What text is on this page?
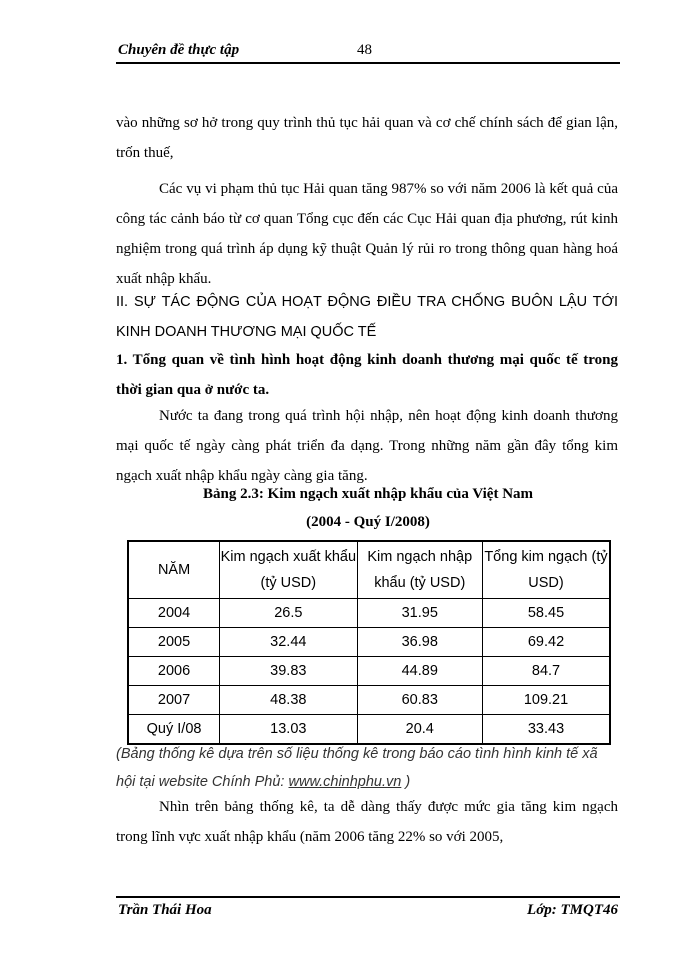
Chuyên đề thực tập	48

vào những sơ hở trong quy trình thủ tục hải quan và cơ chế chính sách để gian lận, trốn thuế,

Các vụ vi phạm thủ tục Hải quan tăng 987% so với năm 2006 là kết quả của công tác cảnh báo từ cơ quan Tổng cục đến các Cục Hải quan địa phương, rút kinh nghiệm trong quá trình áp dụng kỹ thuật Quản lý rủi ro trong thông quan hàng hoá xuất nhập khẩu.

II. SỰ TÁC ĐỘNG CỦA HOẠT ĐỘNG ĐIỀU TRA CHỐNG BUÔN LẬU TỚI KINH DOANH THƯƠNG MẠI QUỐC TẾ

1. Tổng quan về tình hình hoạt động kinh doanh thương mại quốc tế trong thời gian qua ở nước ta.

Nước ta đang trong quá trình hội nhập, nên hoạt động kinh doanh thương mại quốc tế ngày càng phát triển đa dạng. Trong những năm gần đây tổng kim ngạch xuất nhập khẩu ngày càng gia tăng.

Bảng 2.3: Kim ngạch xuất nhập khẩu của Việt Nam

(2004 - Quý I/2008)

NĂM	Kim ngạch xuất khẩu (tỷ USD)	Kim ngạch nhập khẩu (tỷ USD)	Tổng kim ngạch (tỷ USD)
2004	26.5	31.95	58.45
2005	32.44	36.98	69.42
2006	39.83	44.89	84.7
2007	48.38	60.83	109.21
Quý I/08	13.03	20.4	33.43

(Bảng thống kê dựa trên số liệu thống kê trong báo cáo tình hình kinh tế xã hội tại website Chính Phủ: www.chinhphu.vn )

Nhìn trên bảng thống kê, ta dễ dàng thấy được mức gia tăng kim ngạch trong lĩnh vực xuất nhập khẩu (năm 2006 tăng 22% so với 2005,

Trần Thái Hoa	Lớp: TMQT46
